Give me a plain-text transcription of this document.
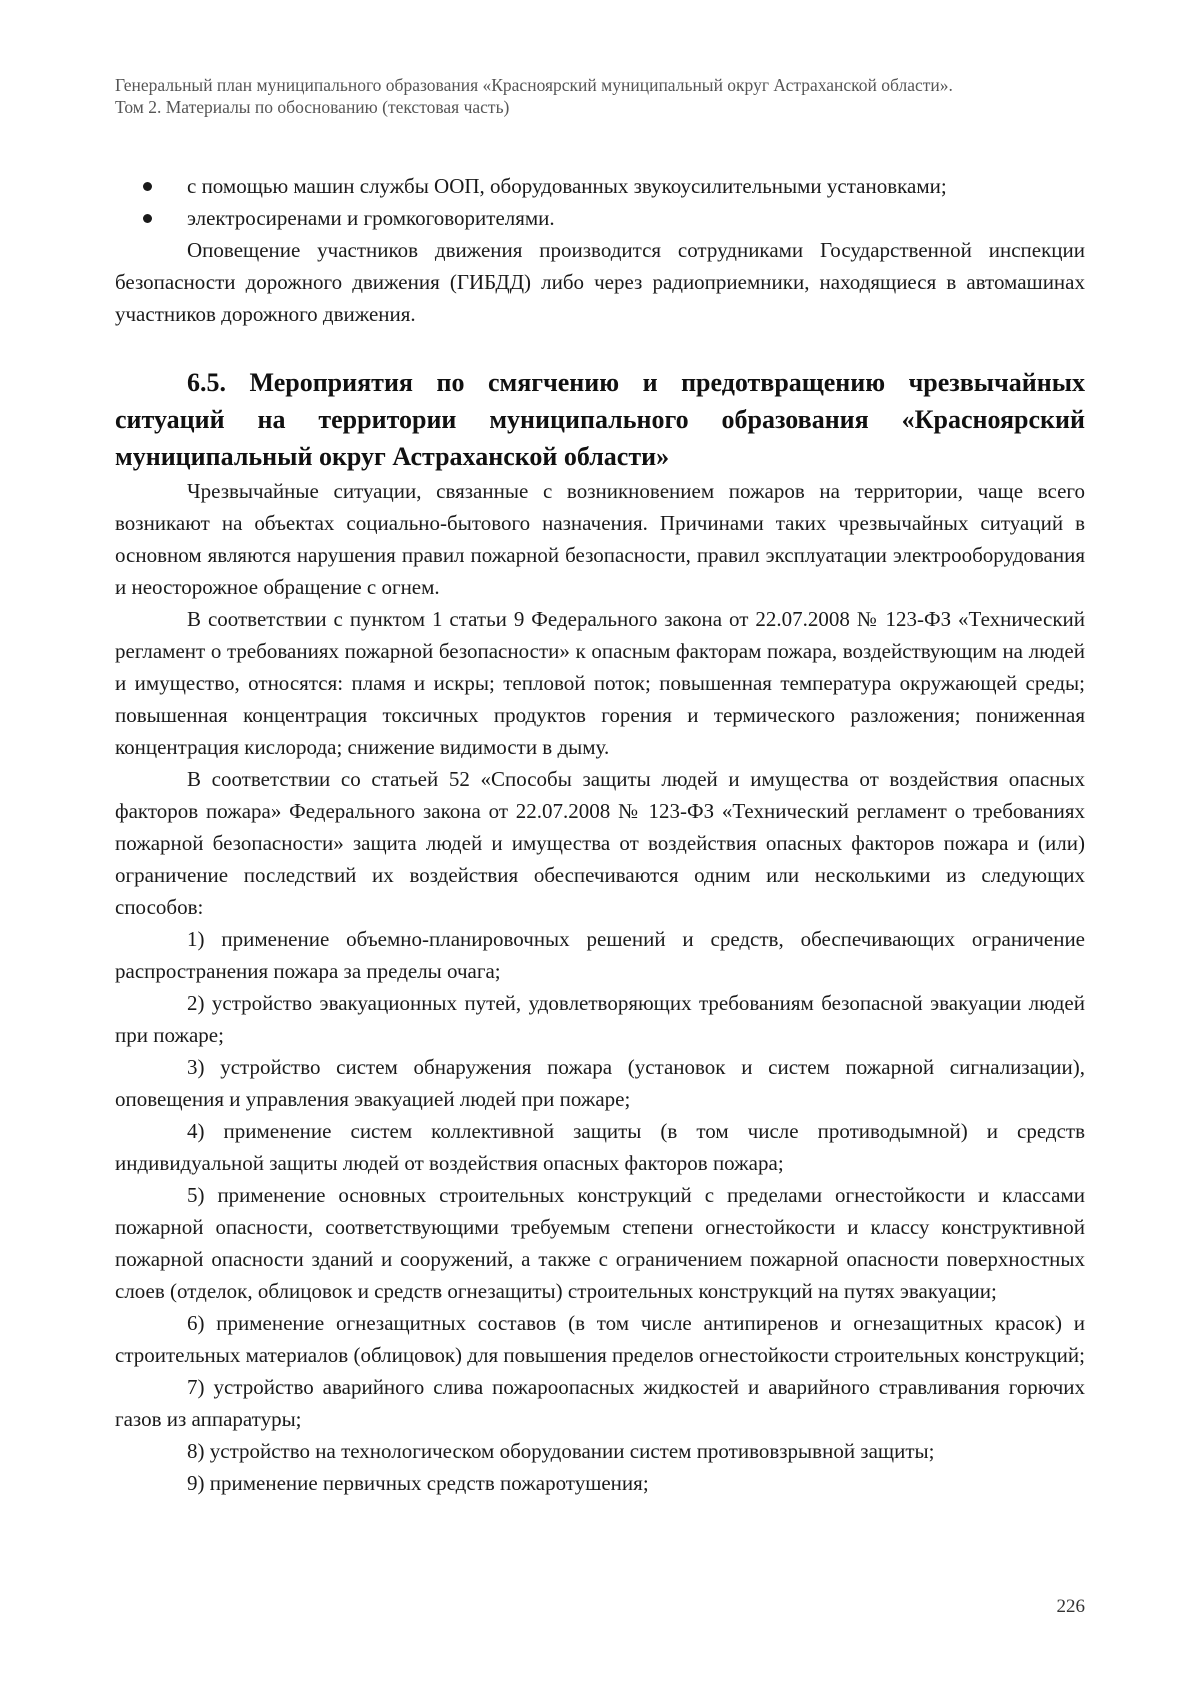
Генеральный план муниципального образования «Красноярский муниципальный округ Астраханской области».
Том 2. Материалы по обоснованию (текстовая часть)
с помощью машин службы ООП, оборудованных звукоусилительными установками;
электросиренами и громкоговорителями.

Оповещение участников движения производится сотрудниками Государственной инспекции безопасности дорожного движения (ГИБДД) либо через радиоприемники, находящиеся в автомашинах участников дорожного движения.

6.5. Мероприятия по смягчению и предотвращению чрезвычайных ситуаций на территории муниципального образования «Красноярский муниципальный округ Астраханской области»

Чрезвычайные ситуации, связанные с возникновением пожаров на территории, чаще всего возникают на объектах социально-бытового назначения. Причинами таких чрезвычайных ситуаций в основном являются нарушения правил пожарной безопасности, правил эксплуатации электрооборудования и неосторожное обращение с огнем.

В соответствии с пунктом 1 статьи 9 Федерального закона от 22.07.2008 № 123-ФЗ «Технический регламент о требованиях пожарной безопасности» к опасным факторам пожара, воздействующим на людей и имущество, относятся: пламя и искры; тепловой поток; повышенная температура окружающей среды; повышенная концентрация токсичных продуктов горения и термического разложения; пониженная концентрация кислорода; снижение видимости в дыму.

В соответствии со статьей 52 «Способы защиты людей и имущества от воздействия опасных факторов пожара» Федерального закона от 22.07.2008 № 123-ФЗ «Технический регламент о требованиях пожарной безопасности» защита людей и имущества от воздействия опасных факторов пожара и (или) ограничение последствий их воздействия обеспечиваются одним или несколькими из следующих способов:

1) применение объемно-планировочных решений и средств, обеспечивающих ограничение распространения пожара за пределы очага;

2) устройство эвакуационных путей, удовлетворяющих требованиям безопасной эвакуации людей при пожаре;

3) устройство систем обнаружения пожара (установок и систем пожарной сигнализации), оповещения и управления эвакуацией людей при пожаре;

4) применение систем коллективной защиты (в том числе противодымной) и средств индивидуальной защиты людей от воздействия опасных факторов пожара;

5) применение основных строительных конструкций с пределами огнестойкости и классами пожарной опасности, соответствующими требуемым степени огнестойкости и классу конструктивной пожарной опасности зданий и сооружений, а также с ограничением пожарной опасности поверхностных слоев (отделок, облицовок и средств огнезащиты) строительных конструкций на путях эвакуации;

6) применение огнезащитных составов (в том числе антипиренов и огнезащитных красок) и строительных материалов (облицовок) для повышения пределов огнестойкости строительных конструкций;

7) устройство аварийного слива пожароопасных жидкостей и аварийного стравливания горючих газов из аппаратуры;

8) устройство на технологическом оборудовании систем противовзрывной защиты;

9) применение первичных средств пожаротушения;

226
